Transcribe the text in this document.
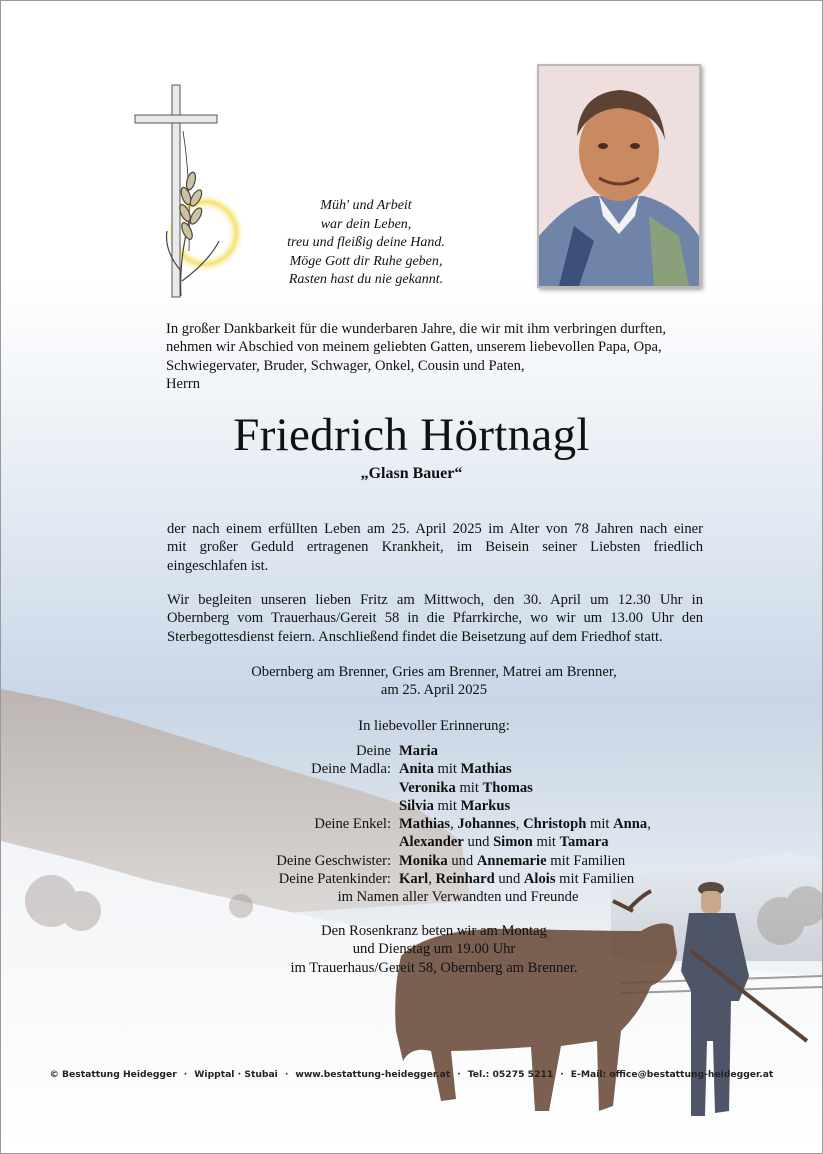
Müh' und Arbeit
war dein Leben,
treu und fleißig deine Hand.
Möge Gott dir Ruhe geben,
Rasten hast du nie gekannt.
In großer Dankbarkeit für die wunderbaren Jahre, die wir mit ihm verbringen durften,
nehmen wir Abschied von meinem geliebten Gatten, unserem liebevollen Papa, Opa,
Schwiegervater, Bruder, Schwager, Onkel, Cousin und Paten,
Herrn
Friedrich Hörtnagl
„Glasn Bauer“
der nach einem erfüllten Leben am 25. April 2025 im Alter von 78 Jahren nach einer
mit großer Geduld ertragenen Krankheit, im Beisein seiner Liebsten friedlich
eingeschlafen ist.
Wir begleiten unseren lieben Fritz am Mittwoch, den 30. April um 12.30 Uhr in
Obernberg vom Trauerhaus/Gereit 58 in die Pfarrkirche, wo wir um 13.00 Uhr den
Sterbegottesdienst feiern. Anschließend findet die Beisetzung auf dem Friedhof statt.
Obernberg am Brenner, Gries am Brenner, Matrei am Brenner,
am 25. April 2025
In liebevoller Erinnerung:
Deine Maria
Deine Madla: Anita mit Mathias
Veronika mit Thomas
Silvia mit Markus
Deine Enkel: Mathias, Johannes, Christoph mit Anna,
Alexander und Simon mit Tamara
Deine Geschwister: Monika und Annemarie mit Familien
Deine Patenkinder: Karl, Reinhard und Alois mit Familien
im Namen aller Verwandten und Freunde
Den Rosenkranz beten wir am Montag
und Dienstag um 19.00 Uhr
im Trauerhaus/Gereit 58, Obernberg am Brenner.
© Bestattung Heidegger · Wipptal · Stubai · www.bestattung-heidegger.at · Tel.: 05275 5211 · E-Mail: office@bestattung-heidegger.at
